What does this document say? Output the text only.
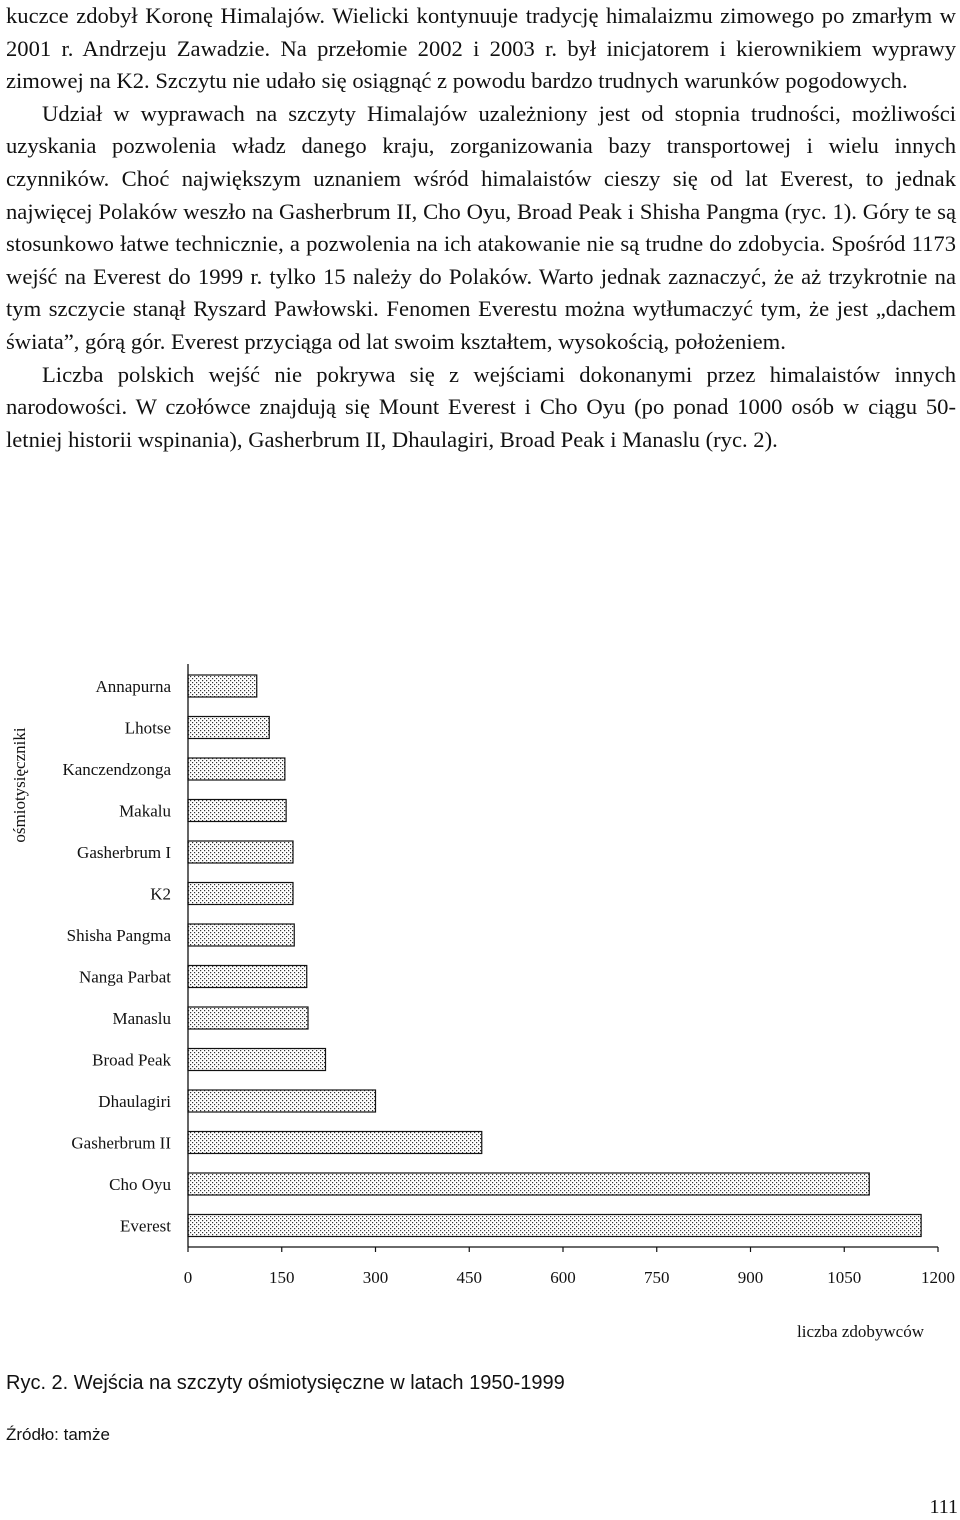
kuczce zdobył Koronę Himalajów. Wielicki kontynuuje tradycję himalaizmu zimowego po zmarłym w 2001 r. Andrzeju Zawadzie. Na przełomie 2002 i 2003 r. był inicjatorem i kierownikiem wyprawy zimowej na K2. Szczytu nie udało się osiągnąć z powodu bardzo trudnych warunków pogodowych.

Udział w wyprawach na szczyty Himalajów uzależniony jest od stopnia trudności, możliwości uzyskania pozwolenia władz danego kraju, zorganizowania bazy transportowej i wielu innych czynników. Choć największym uznaniem wśród himalaistów cieszy się od lat Everest, to jednak najwięcej Polaków weszło na Gasherbrum II, Cho Oyu, Broad Peak i Shisha Pangma (ryc. 1). Góry te są stosunkowo łatwe technicznie, a pozwolenia na ich atakowanie nie są trudne do zdobycia. Spośród 1173 wejść na Everest do 1999 r. tylko 15 należy do Polaków. Warto jednak zaznaczyć, że aż trzykrotnie na tym szczycie stanął Ryszard Pawłowski. Fenomen Everestu można wytłumaczyć tym, że jest „dachem świata”, górą gór. Everest przyciąga od lat swoim kształtem, wysokością, położeniem.

Liczba polskich wejść nie pokrywa się z wejściami dokonanymi przez himalaistów innych narodowości. W czołówce znajdują się Mount Everest i Cho Oyu (po ponad 1000 osób w ciągu 50-letniej historii wspinania), Gasherbrum II, Dhaulagiri, Broad Peak i Manaslu (ryc. 2).

ośmiotysięczniki
Annapurna
Lhotse
Kanczendzonga
Makalu
Gasherbrum I
K2
Shisha Pangma
Nanga Parbat
Manaslu
Broad Peak
Dhaulagiri
Gasherbrum II
Cho Oyu
Everest
0	150	300	450	600	750	900	1050	1200
liczba zdobywców
Ryc. 2. Wejścia na szczyty ośmiotysięczne w latach 1950-1999
Źródło: tamże
111
